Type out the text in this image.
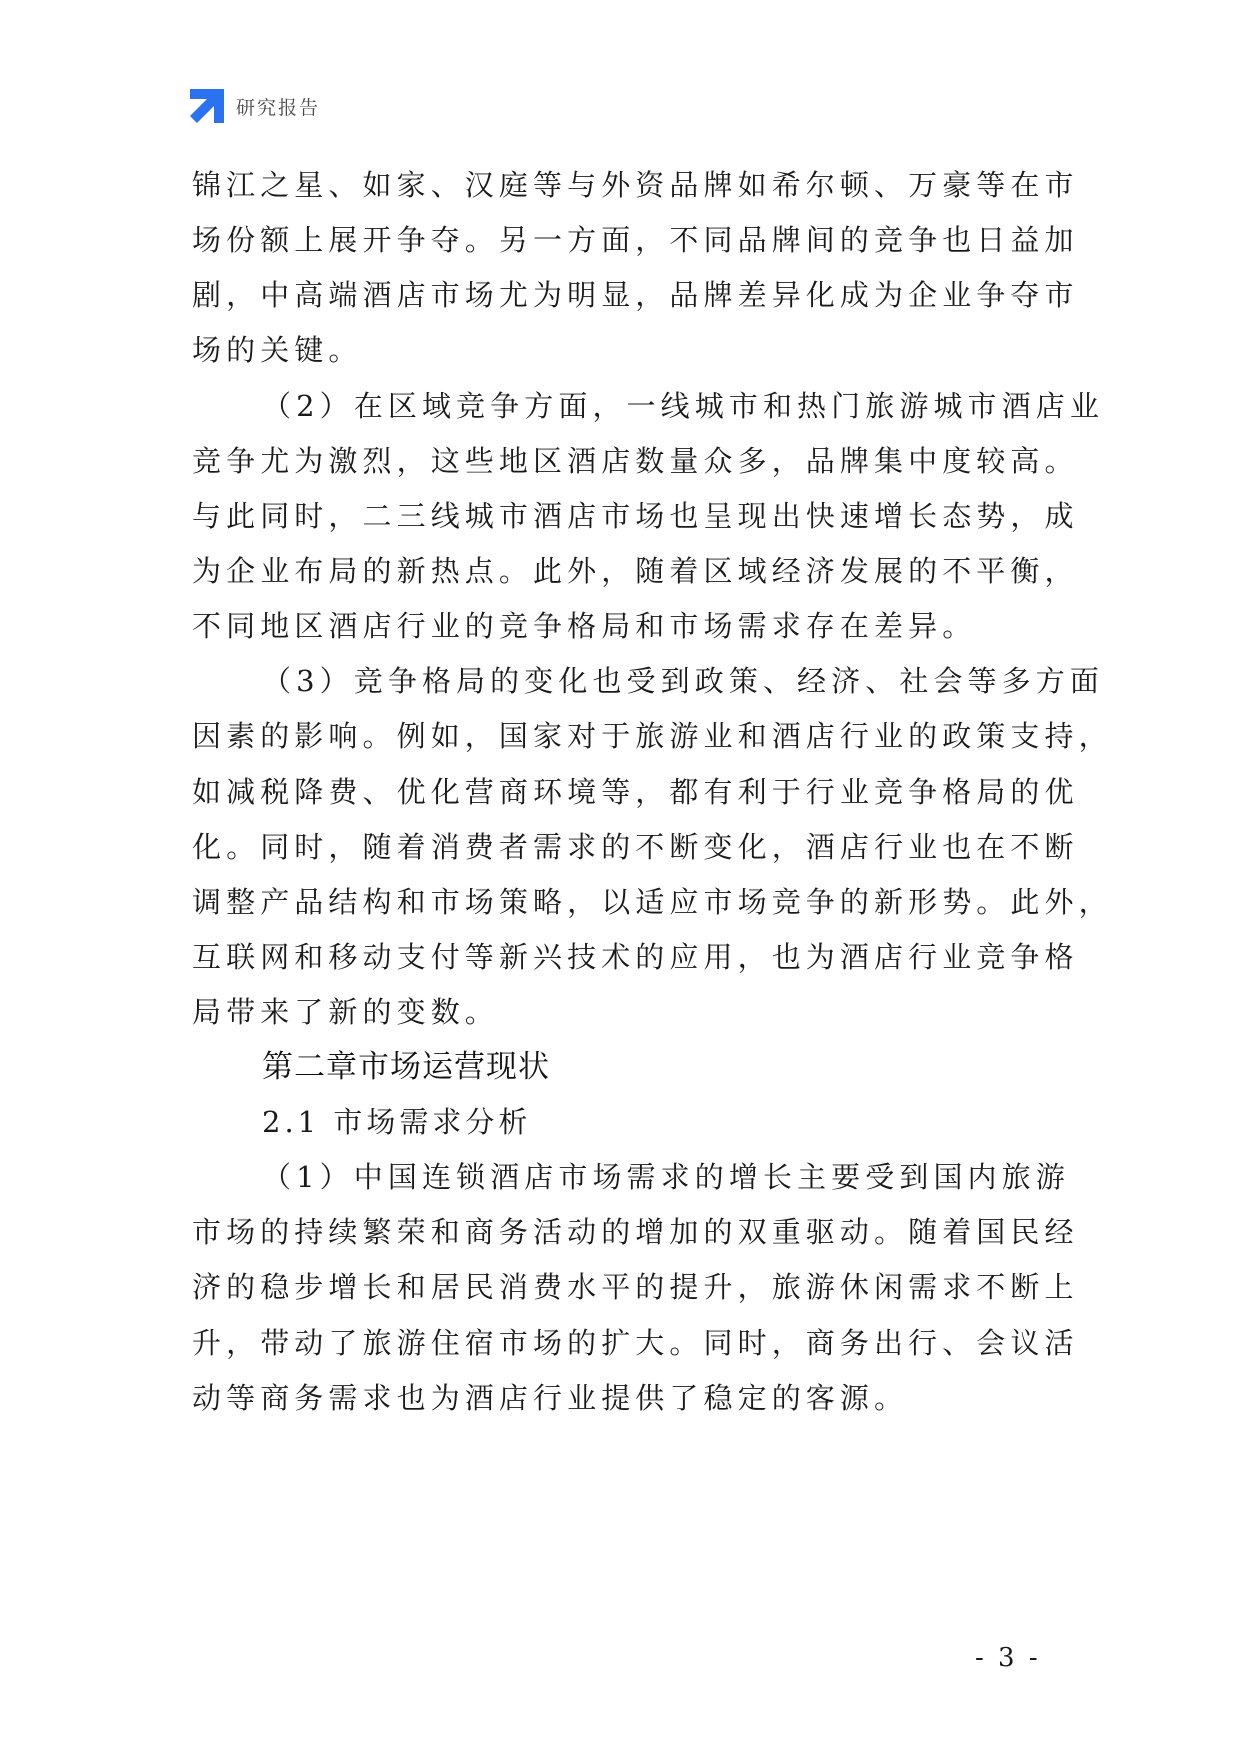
研究报告
锦江之星、如家、汉庭等与外资品牌如希尔顿、万豪等在市
场份额上展开争夺。另一方面，不同品牌间的竞争也日益加
剧，中高端酒店市场尤为明显，品牌差异化成为企业争夺市
场的关键。
（2）在区域竞争方面，一线城市和热门旅游城市酒店业
竞争尤为激烈，这些地区酒店数量众多，品牌集中度较高。
与此同时，二三线城市酒店市场也呈现出快速增长态势，成
为企业布局的新热点。此外，随着区域经济发展的不平衡，
不同地区酒店行业的竞争格局和市场需求存在差异。
（3）竞争格局的变化也受到政策、经济、社会等多方面
因素的影响。例如，国家对于旅游业和酒店行业的政策支持，
如减税降费、优化营商环境等，都有利于行业竞争格局的优
化。同时，随着消费者需求的不断变化，酒店行业也在不断
调整产品结构和市场策略，以适应市场竞争的新形势。此外，
互联网和移动支付等新兴技术的应用，也为酒店行业竞争格
局带来了新的变数。
第二章市场运营现状
2.1 市场需求分析
（1）中国连锁酒店市场需求的增长主要受到国内旅游
市场的持续繁荣和商务活动的增加的双重驱动。随着国民经
济的稳步增长和居民消费水平的提升，旅游休闲需求不断上
升，带动了旅游住宿市场的扩大。同时，商务出行、会议活
动等商务需求也为酒店行业提供了稳定的客源。
- 3 -
